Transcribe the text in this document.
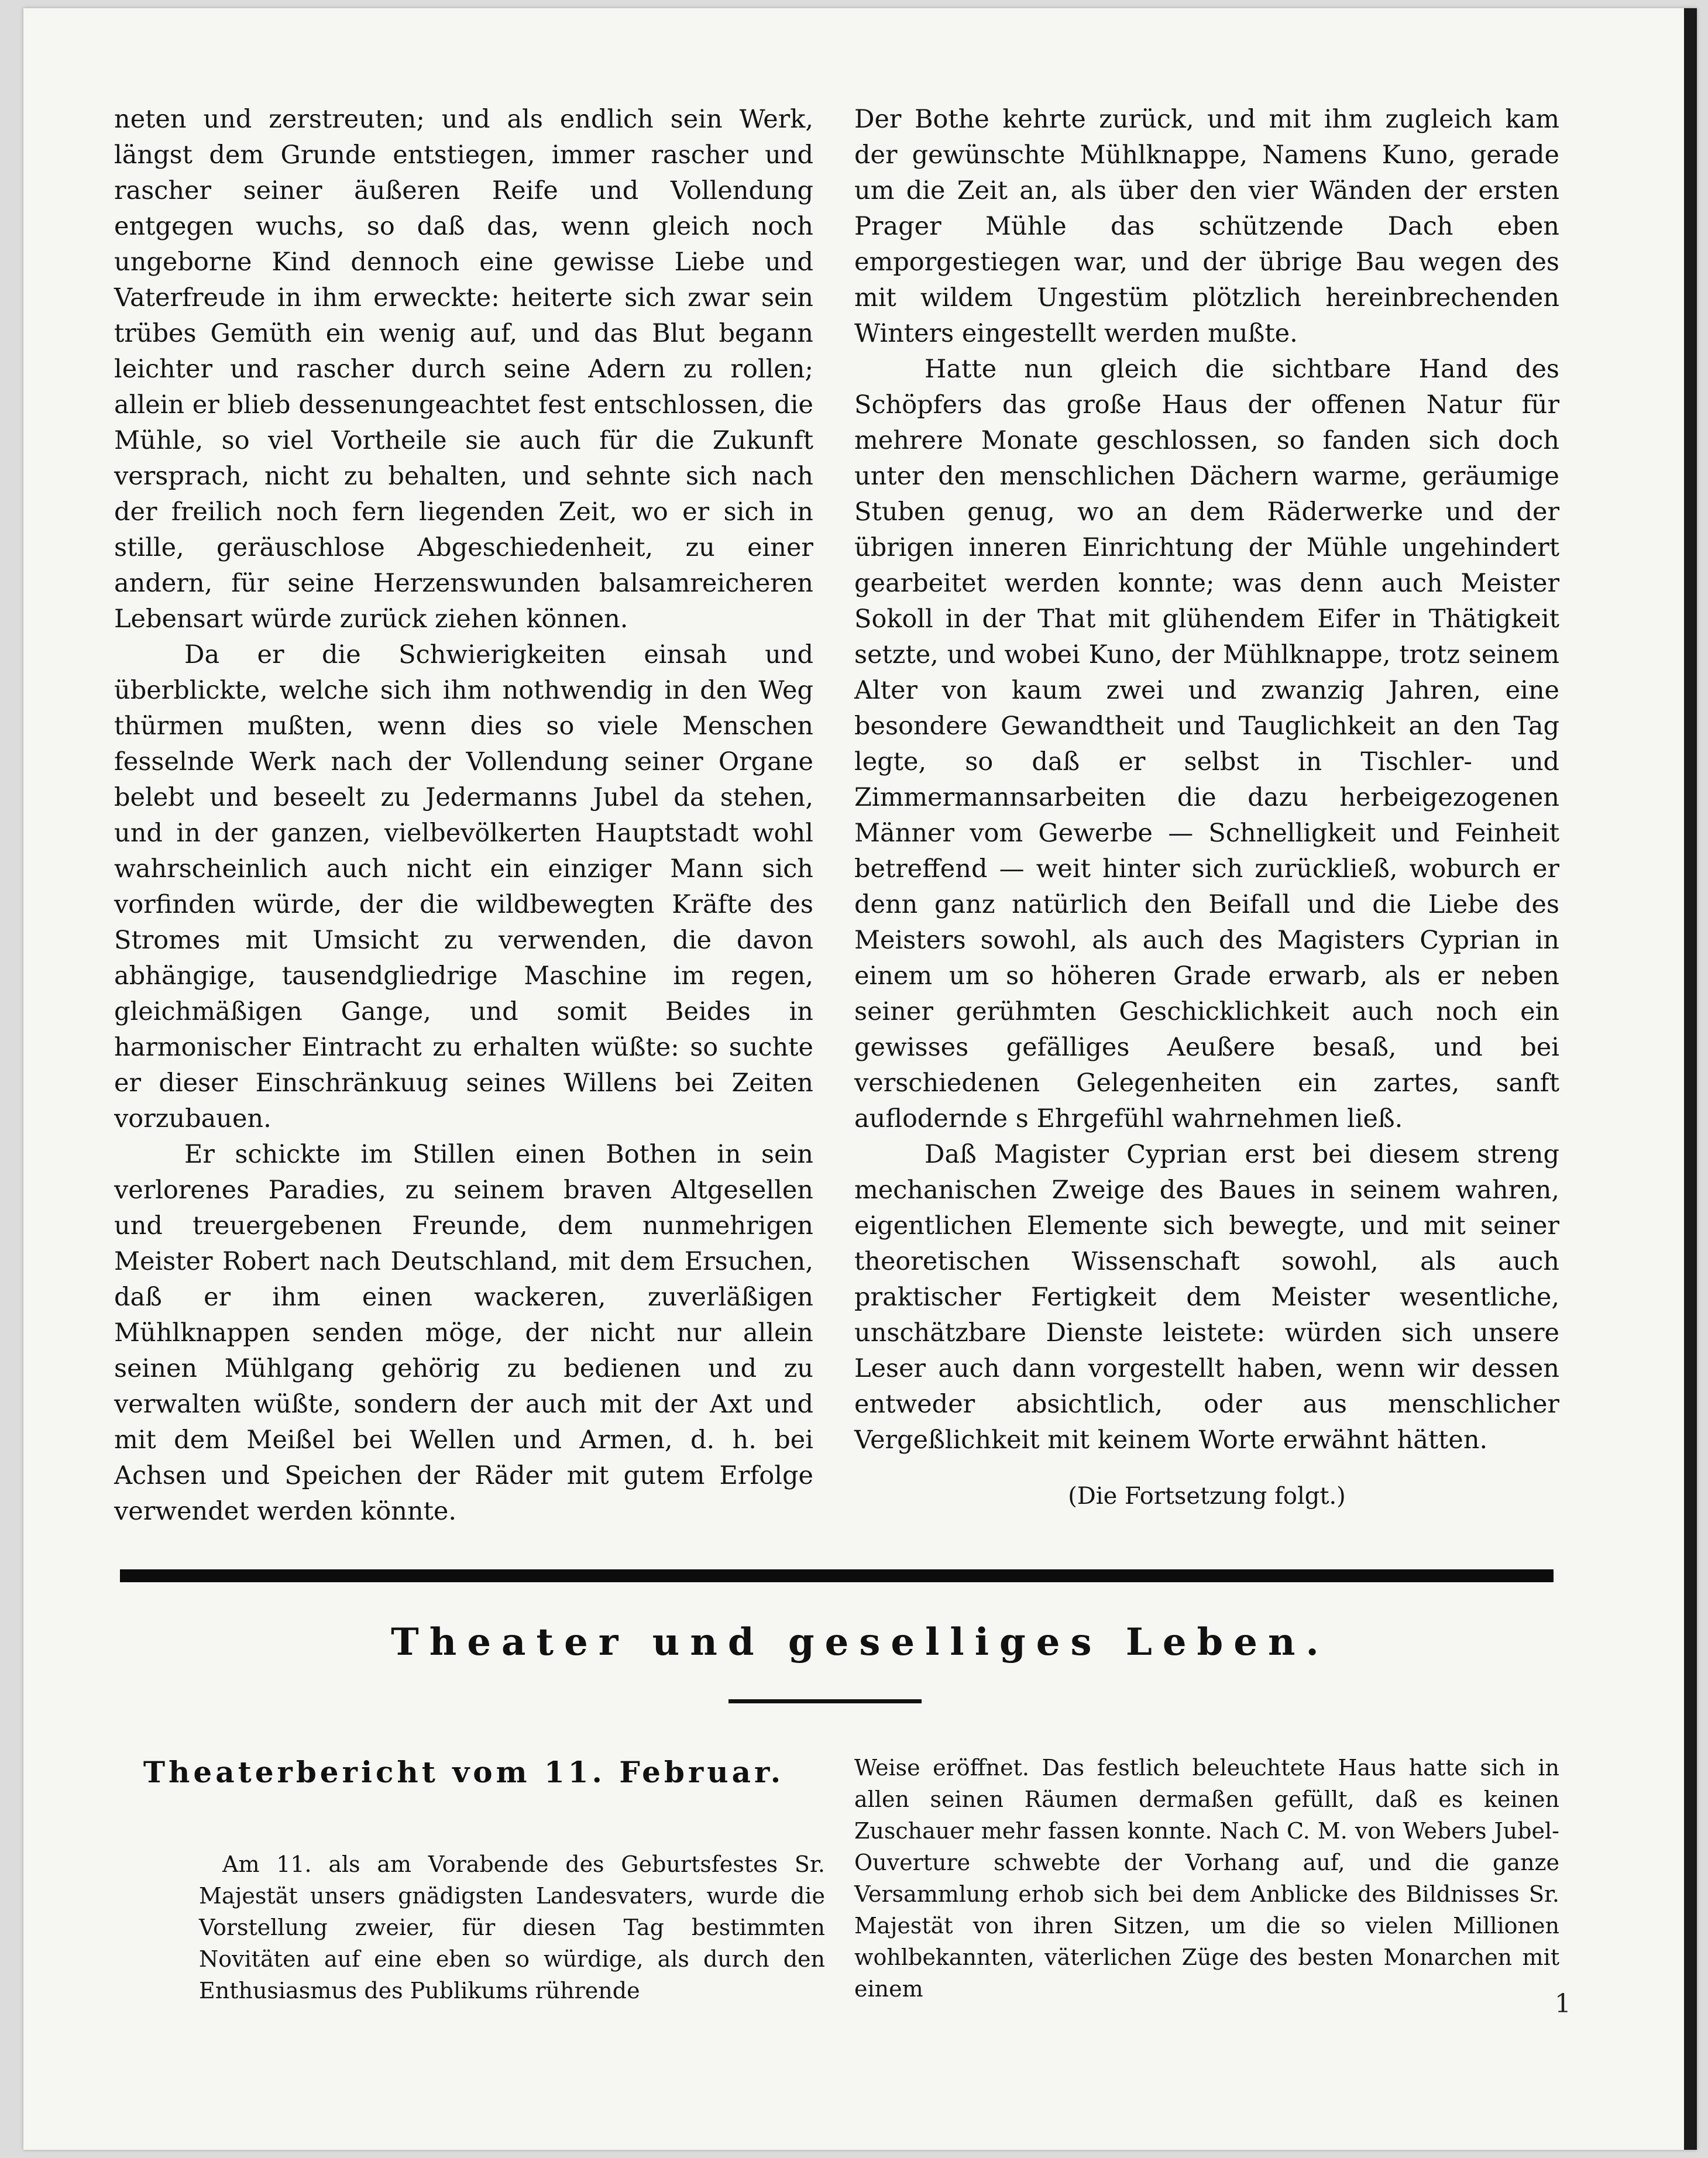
neten und zerstreuten; und als endlich sein Werk, längst dem Grunde entstiegen, immer rascher und rascher seiner äußeren Reife und Vollendung entgegen wuchs, so daß das, wenn gleich noch ungeborne Kind dennoch eine gewisse Liebe und Vaterfreude in ihm erweckte: heiterte sich zwar sein trübes Gemüth ein wenig auf, und das Blut begann leichter und rascher durch seine Adern zu rollen; allein er blieb dessenungeachtet fest entschlossen, die Mühle, so viel Vortheile sie auch für die Zukunft versprach, nicht zu behalten, und sehnte sich nach der freilich noch fern liegenden Zeit, wo er sich in stille, geräuschlose Abgeschiedenheit, zu einer andern, für seine Herzenswunden balsamreicheren Lebensart würde zurück ziehen können.

Da er die Schwierigkeiten einsah und überblickte, welche sich ihm nothwendig in den Weg thürmen mußten, wenn dies so viele Menschen fesselnde Werk nach der Vollendung seiner Organe belebt und beseelt zu Jedermanns Jubel da stehen, und in der ganzen, vielbevölkerten Hauptstadt wohl wahrscheinlich auch nicht ein einziger Mann sich vorfinden würde, der die wildbewegten Kräfte des Stromes mit Umsicht zu verwenden, die davon abhängige, tausendgliedrige Maschine im regen, gleichmäßigen Gange, und somit Beides in harmonischer Eintracht zu erhalten wüßte: so suchte er dieser Einschränkuug seines Willens bei Zeiten vorzubauen.

Er schickte im Stillen einen Bothen in sein verlorenes Paradies, zu seinem braven Altgesellen und treuergebenen Freunde, dem nunmehrigen Meister Robert nach Deutschland, mit dem Ersuchen, daß er ihm einen wackeren, zuverläßigen Mühlknappen senden möge, der nicht nur allein seinen Mühlgang gehörig zu bedienen und zu verwalten wüßte, sondern der auch mit der Axt und mit dem Meißel bei Wellen und Armen, d. h. bei Achsen und Speichen der Räder mit gutem Erfolge verwendet werden könnte.

Der Bothe kehrte zurück, und mit ihm zugleich kam der gewünschte Mühlknappe, Namens Kuno, gerade um die Zeit an, als über den vier Wänden der ersten Prager Mühle das schützende Dach eben emporgestiegen war, und der übrige Bau wegen des mit wildem Ungestüm plötzlich hereinbrechenden Winters eingestellt werden mußte.

Hatte nun gleich die sichtbare Hand des Schöpfers das große Haus der offenen Natur für mehrere Monate geschlossen, so fanden sich doch unter den menschlichen Dächern warme, geräumige Stuben genug, wo an dem Räderwerke und der übrigen inneren Einrichtung der Mühle ungehindert gearbeitet werden konnte; was denn auch Meister Sokoll in der That mit glühendem Eifer in Thätigkeit setzte, und wobei Kuno, der Mühlknappe, trotz seinem Alter von kaum zwei und zwanzig Jahren, eine besondere Gewandtheit und Tauglichkeit an den Tag legte, so daß er selbst in Tischler- und Zimmermannsarbeiten die dazu herbeigezogenen Männer vom Gewerbe — Schnelligkeit und Feinheit betreffend — weit hinter sich zurückließ, woburch er denn ganz natürlich den Beifall und die Liebe des Meisters sowohl, als auch des Magisters Cyprian in einem um so höheren Grade erwarb, als er neben seiner gerühmten Geschicklichkeit auch noch ein gewisses gefälliges Aeußere besaß, und bei verschiedenen Gelegenheiten ein zartes, sanft auflodernde s Ehrgefühl wahrnehmen ließ.

Daß Magister Cyprian erst bei diesem streng mechanischen Zweige des Baues in seinem wahren, eigentlichen Elemente sich bewegte, und mit seiner theoretischen Wissenschaft sowohl, als auch praktischer Fertigkeit dem Meister wesentliche, unschätzbare Dienste leistete: würden sich unsere Leser auch dann vorgestellt haben, wenn wir dessen entweder absichtlich, oder aus menschlicher Vergeßlichkeit mit keinem Worte erwähnt hätten.

(Die Fortsetzung folgt.)
Theater und geselliges Leben.
Theaterbericht vom 11. Februar.

Am 11. als am Vorabende des Geburtsfestes Sr. Majestät unsers gnädigsten Landesvaters, wurde die Vorstellung zweier, für diesen Tag bestimmten Novitäten auf eine eben so würdige, als durch den Enthusiasmus des Publikums rührende

Weise eröffnet. Das festlich beleuchtete Haus hatte sich in allen seinen Räumen dermaßen gefüllt, daß es keinen Zuschauer mehr fassen konnte. Nach C. M. von Webers Jubel-Ouverture schwebte der Vorhang auf, und die ganze Versammlung erhob sich bei dem Anblicke des Bildnisses Sr. Majestät von ihren Sitzen, um die so vielen Millionen wohlbekannten, väterlichen Züge des besten Monarchen mit einem	1
